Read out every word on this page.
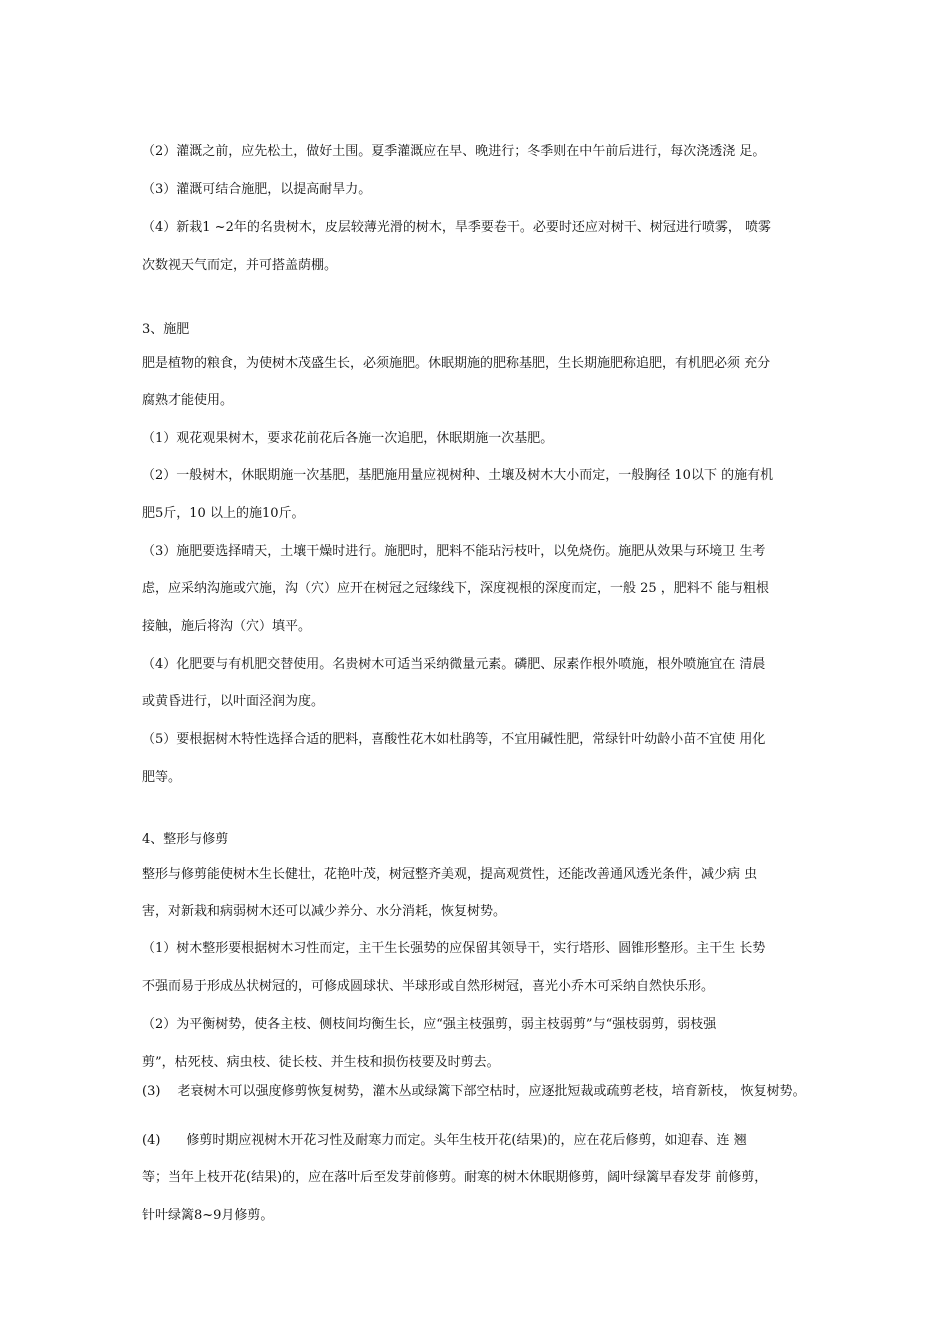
（2）灌溉之前，应先松土，做好土围。夏季灌溉应在早、晚进行；冬季则在中午前后进行，每次浇透浇 足。
（3）灌溉可结合施肥，以提高耐旱力。
（4）新栽1 ~2年的名贵树木，皮层较薄光滑的树木，旱季要卷干。必要时还应对树干、树冠进行喷雾， 喷雾
次数视天气而定，并可搭盖荫棚。
3、施肥
肥是植物的粮食，为使树木茂盛生长，必须施肥。休眠期施的肥称基肥，生长期施肥称追肥，有机肥必须 充分
腐熟才能使用。
（1）观花观果树木，要求花前花后各施一次追肥，休眠期施一次基肥。
（2）一般树木，休眠期施一次基肥，基肥施用量应视树种、土壤及树木大小而定，一般胸径 10以下 的施有机
肥5斤，10 以上的施10斤。
（3）施肥要选择晴天，土壤干燥时进行。施肥时，肥料不能玷污枝叶，以免烧伤。施肥从效果与环境卫 生考
虑，应采纳沟施或穴施，沟（穴）应开在树冠之冠缘线下，深度视根的深度而定，一般 25 ，肥料不 能与粗根
接触，施后将沟（穴）填平。
（4）化肥要与有机肥交替使用。名贵树木可适当采纳微量元素。磷肥、尿素作根外喷施，根外喷施宜在 清晨
或黄昏进行，以叶面泾润为度。
（5）要根据树木特性选择合适的肥料，喜酸性花木如杜鹃等，不宜用碱性肥，常绿针叶幼龄小苗不宜使 用化
肥等。
4、整形与修剪
整形与修剪能使树木生长健壮，花艳叶茂，树冠整齐美观，提高观赏性，还能改善通风透光条件，减少病 虫
害，对新栽和病弱树木还可以减少养分、水分消耗，恢复树势。
（1）树木整形要根据树木习性而定，主干生长强势的应保留其领导干，实行塔形、圆锥形整形。主干生 长势
不强而易于形成丛状树冠的，可修成圆球状、半球形或自然形树冠，喜光小乔木可采纳自然快乐形。
（2）为平衡树势，使各主枝、侧枝间均衡生长，应“强主枝强剪，弱主枝弱剪”与“强枝弱剪，弱枝强
剪”，枯死枝、病虫枝、徒长枝、并生枝和损伤枝要及时剪去。
(3)　 老衰树木可以强度修剪恢复树势，灌木丛或绿篱下部空枯时，应逐批短裁或疏剪老枝，培育新枝， 恢复树势。
(4)　　修剪时期应视树木开花习性及耐寒力而定。头年生枝开花(结果)的，应在花后修剪，如迎春、连 翘
等；当年上枝开花(结果)的，应在落叶后至发芽前修剪。耐寒的树木休眠期修剪，阔叶绿篱早春发芽 前修剪，
针叶绿篱8~9月修剪。
